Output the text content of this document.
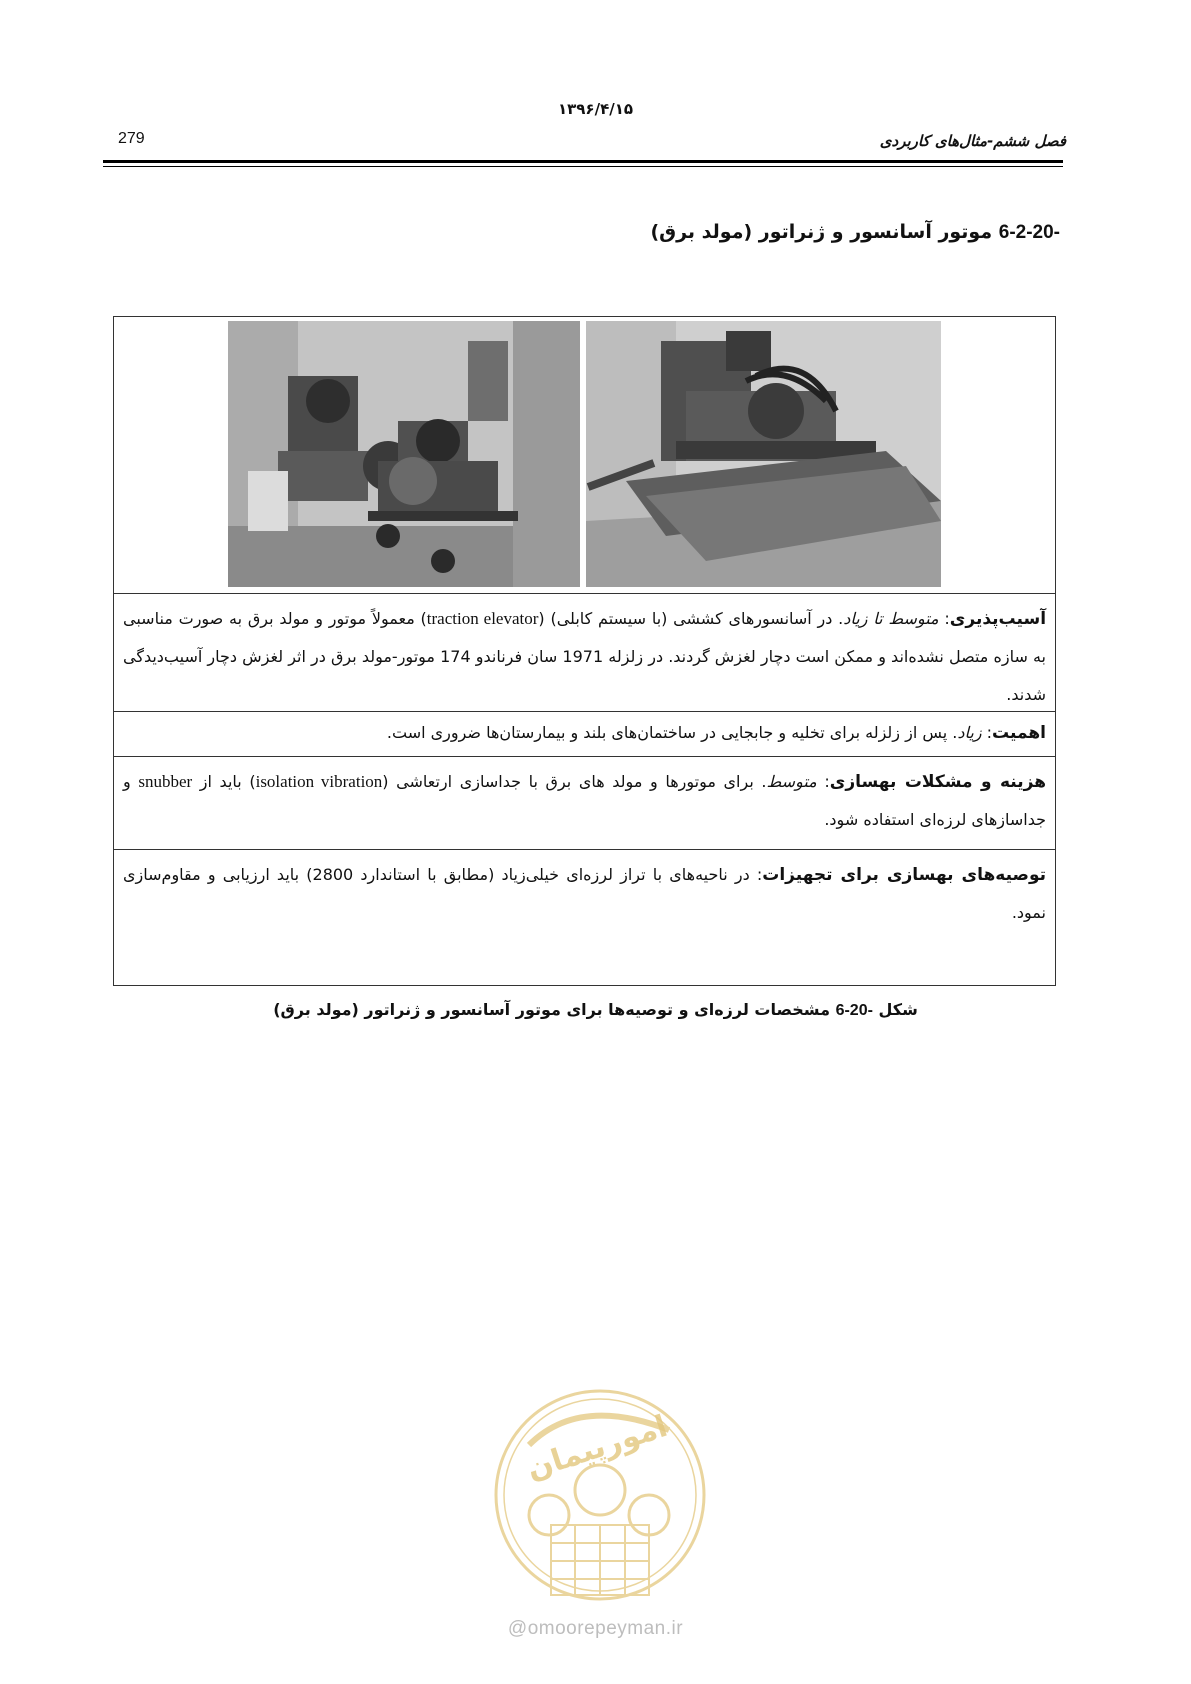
۱۳۹۶/۴/۱۵
279	فصل ششم-مثال‌های کاربردی
6-2-20- موتور آسانسور و ژنراتور (مولد برق)
آسیب‌پذیری: متوسط تا زیاد. در آسانسورهای کششی (با سیستم کابلی) (traction elevator) معمولاً موتور و مولد برق به صورت مناسبی به سازه متصل نشده‌اند و ممکن است دچار لغزش گردند. در زلزله 1971 سان فرناندو 174 موتور-مولد برق در اثر لغزش دچار آسیب‌دیدگی شدند.
اهمیت: زیاد. پس از زلزله برای تخلیه و جابجایی در ساختمان‌های بلند و بیمارستان‌ها ضروری است.
هزینه و مشکلات بهسازی: متوسط. برای موتورها و مولد های برق با جداسازی ارتعاشی (isolation vibration) باید از snubber و جداسازهای لرزه‌ای استفاده شود.
توصیه‌های بهسازی برای تجهیزات: در ناحیه‌های با تراز لرزه‌ای خیلی‌زیاد (مطابق با استاندارد 2800) باید ارزیابی و مقاوم‌سازی نمود.
شکل 6-20- مشخصات لرزه‌ای و توصیه‌ها برای موتور آسانسور و ژنراتور (مولد برق)
امورپیمان
@omoorepeyman.ir
